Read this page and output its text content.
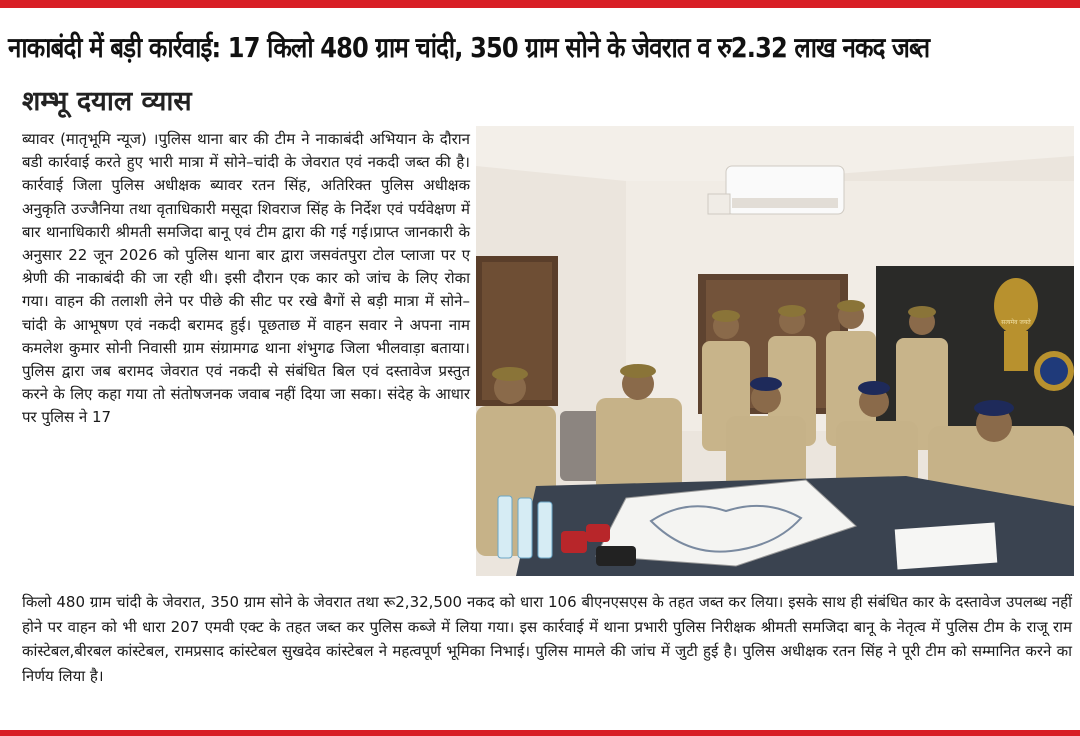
नाकाबंदी में बड़ी कार्रवाई: 17 किलो 480 ग्राम चांदी, 350 ग्राम सोने के जेवरात व रु2.32 लाख नकद जब्त
शम्भू दयाल व्यास
ब्यावर (मातृभूमि न्यूज) ।पुलिस थाना बार की टीम ने नाकाबंदी अभियान के दौरान बडी कार्रवाई करते हुए भारी मात्रा में सोने–चांदी के जेवरात एवं नकदी जब्त की है। कार्रवाई जिला पुलिस अधीक्षक ब्यावर रतन सिंह, अतिरिक्त पुलिस अधीक्षक अनुकृति उज्जैनिया तथा वृताधिकारी मसूदा शिवराज सिंह के निर्देश एवं पर्यवेक्षण में बार थानाधिकारी श्रीमती समजिदा बानू एवं टीम द्वारा की गई गई।प्राप्त जानकारी के अनुसार 22 जून 2026 को पुलिस थाना बार द्वारा जसवंतपुरा टोल प्लाजा पर ए श्रेणी की नाकाबंदी की जा रही थी। इसी दौरान एक कार को जांच के लिए रोका गया। वाहन की तलाशी लेने पर पीछे की सीट पर रखे बैगों से बड़ी मात्रा में सोने–चांदी के आभूषण एवं नकदी बरामद हुई। पूछताछ में वाहन सवार ने अपना नाम कमलेश कुमार सोनी निवासी ग्राम संग्रामगढ थाना शंभुगढ जिला भीलवाड़ा बताया। पुलिस द्वारा जब बरामद जेवरात एवं नकदी से संबंधित बिल एवं दस्तावेज प्रस्तुत करने के लिए कहा गया तो संतोषजनक जवाब नहीं दिया जा सका। संदेह के आधार पर पुलिस ने 17
सत्यमेव जयते
किलो 480 ग्राम चांदी के जेवरात, 350 ग्राम सोने के जेवरात तथा रू2,32,500 नकद को धारा 106 बीएनएसएस के तहत जब्त कर लिया। इसके साथ ही संबंधित कार के दस्तावेज उपलब्ध नहीं होने पर वाहन को भी धारा 207 एमवी एक्ट के तहत जब्त कर पुलिस कब्जे में लिया गया। इस कार्रवाई में थाना प्रभारी पुलिस निरीक्षक श्रीमती समजिदा बानू के नेतृत्व में पुलिस टीम के राजू राम कांस्टेबल,बीरबल कांस्टेबल, रामप्रसाद कांस्टेबल सुखदेव कांस्टेबल ने महत्वपूर्ण भूमिका निभाई। पुलिस मामले की जांच में जुटी हुई है। पुलिस अधीक्षक रतन सिंह ने पूरी टीम को सम्मानित करने का निर्णय लिया है।
